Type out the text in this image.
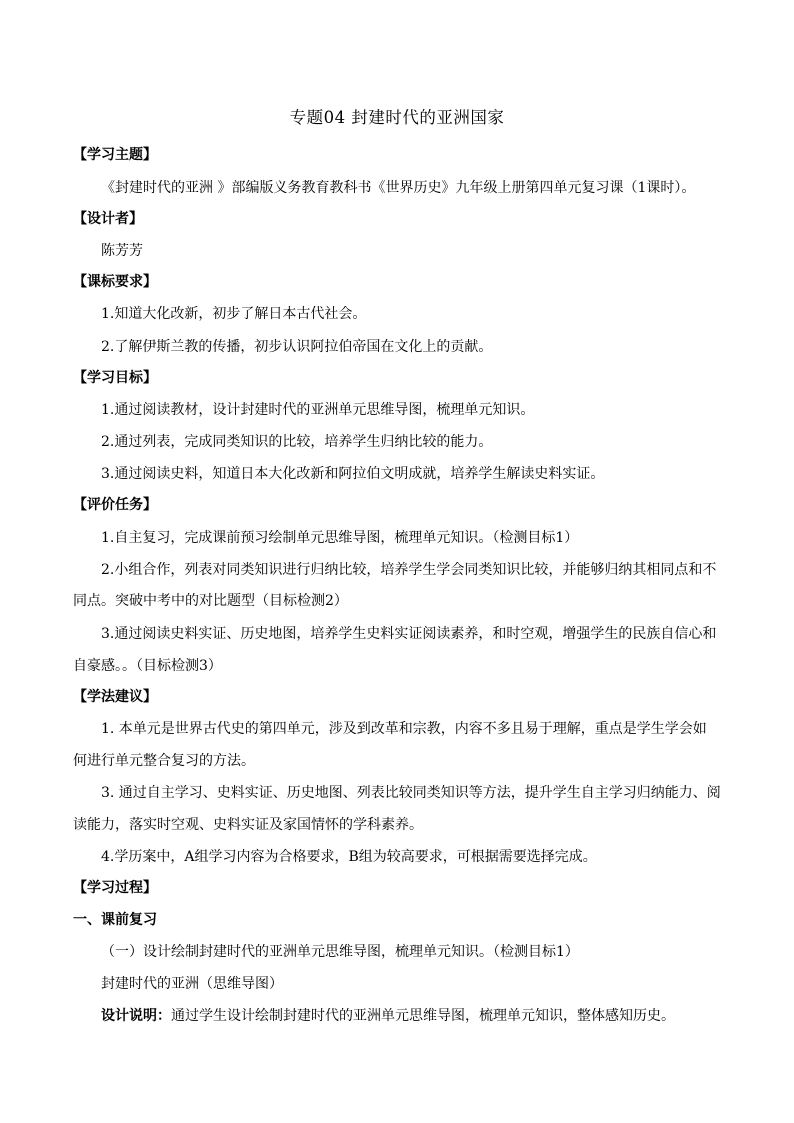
专题04 封建时代的亚洲国家
【学习主题】
《封建时代的亚洲 》部编版义务教育教科书《世界历史》九年级上册第四单元复习课（1课时）。
【设计者】
陈芳芳
【课标要求】
1.知道大化改新，初步了解日本古代社会。
2.了解伊斯兰教的传播，初步认识阿拉伯帝国在文化上的贡献。
【学习目标】
1.通过阅读教材，设计封建时代的亚洲单元思维导图，梳理单元知识。
2.通过列表，完成同类知识的比较，培养学生归纳比较的能力。
3.通过阅读史料，知道日本大化改新和阿拉伯文明成就，培养学生解读史料实证。
【评价任务】
1.自主复习，完成课前预习绘制单元思维导图，梳理单元知识。（检测目标1）
2.小组合作，列表对同类知识进行归纳比较，培养学生学会同类知识比较，并能够归纳其相同点和不
同点。突破中考中的对比题型（目标检测2）
3.通过阅读史料实证、历史地图，培养学生史料实证阅读素养，和时空观，增强学生的民族自信心和
自豪感。。（目标检测3）
【学法建议】
1. 本单元是世界古代史的第四单元，涉及到改革和宗教，内容不多且易于理解，重点是学生学会如
何进行单元整合复习的方法。
3. 通过自主学习、史料实证、历史地图、列表比较同类知识等方法，提升学生自主学习归纳能力、阅
读能力，落实时空观、史料实证及家国情怀的学科素养。
4.学历案中，A组学习内容为合格要求，B组为较高要求，可根据需要选择完成。
【学习过程】
一、课前复习
（一）设计绘制封建时代的亚洲单元思维导图，梳理单元知识。（检测目标1）
封建时代的亚洲（思维导图）
设计说明：通过学生设计绘制封建时代的亚洲单元思维导图，梳理单元知识，整体感知历史。
